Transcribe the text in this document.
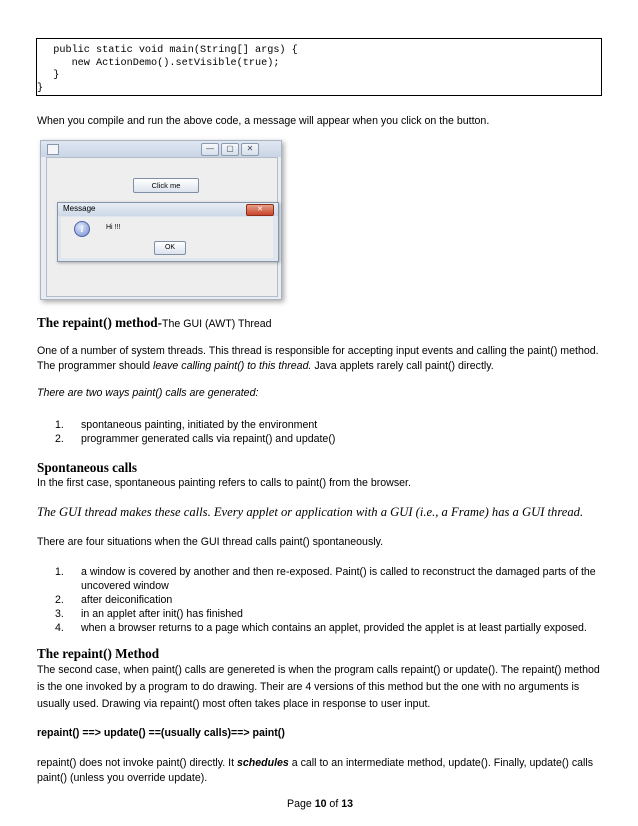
public static void main(String[] args) {
new ActionDemo().setVisible(true);
}
}
When you compile and run the above code, a message will appear when you click on the button.
—	▢	✕
Click me
Message	✕
i	Hi !!!
OK
The repaint() method-The GUI (AWT) Thread
One of a number of system threads. This thread is responsible for accepting input events and calling the paint() method.
The programmer should leave calling paint() to this thread. Java applets rarely call paint() directly.
There are two ways paint() calls are generated:
1. spontaneous painting, initiated by the environment
2. programmer generated calls via repaint() and update()
Spontaneous calls
In the first case, spontaneous painting refers to calls to paint() from the browser.
The GUI thread makes these calls. Every applet or application with a GUI (i.e., a Frame) has a GUI thread.
There are four situations when the GUI thread calls paint() spontaneously.
1. a window is covered by another and then re-exposed. Paint() is called to reconstruct the damaged parts of the
uncovered window
2. after deiconification
3. in an applet after init() has finished
4. when a browser returns to a page which contains an applet, provided the applet is at least partially exposed.
The repaint() Method
The second case, when paint() calls are genereted is when the program calls repaint() or update(). The repaint() method
is the one invoked by a program to do drawing. Their are 4 versions of this method but the one with no arguments is
usually used. Drawing via repaint() most often takes place in response to user input.
repaint() ==> update() ==(usually calls)==> paint()
repaint() does not invoke paint() directly. It schedules a call to an intermediate method, update(). Finally, update() calls
paint() (unless you override update).
Page 10 of 13
